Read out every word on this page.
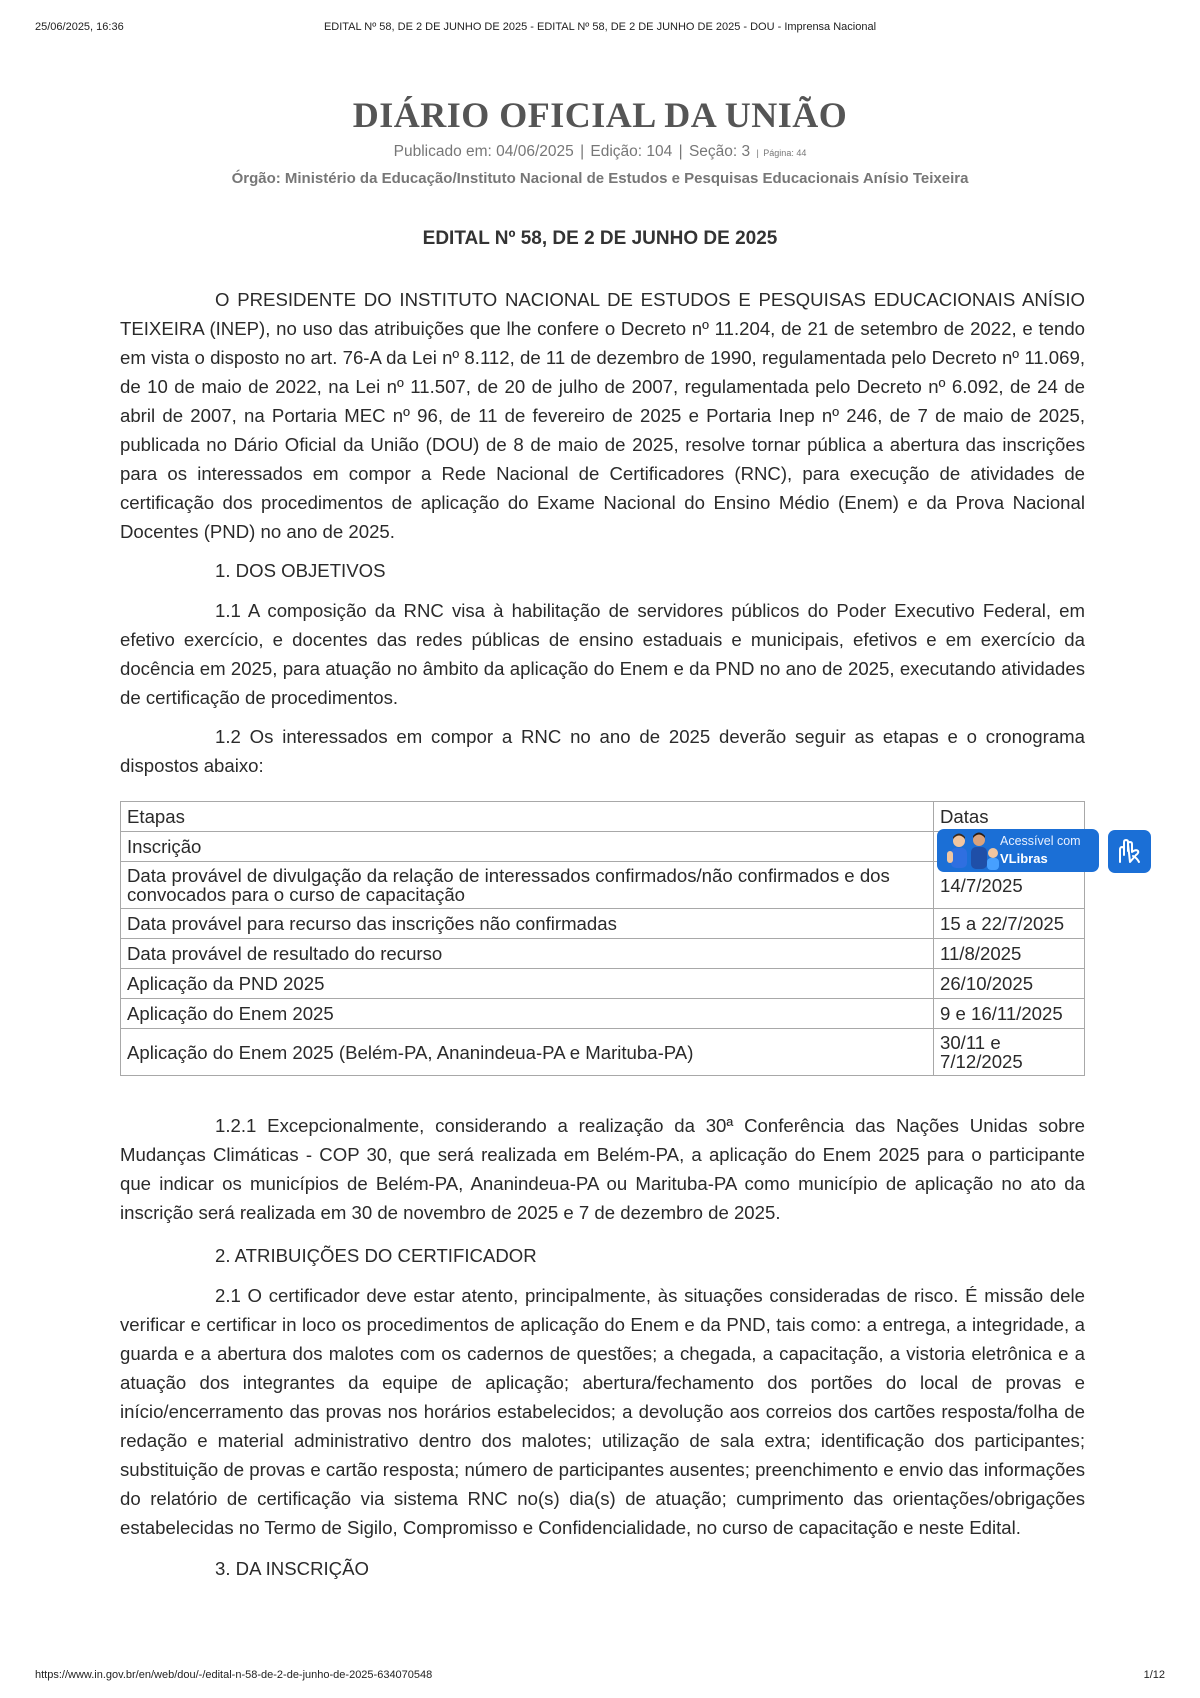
25/06/2025, 16:36	EDITAL Nº 58, DE 2 DE JUNHO DE 2025 - EDITAL Nº 58, DE 2 DE JUNHO DE 2025 - DOU - Imprensa Nacional
DIÁRIO OFICIAL DA UNIÃO
Publicado em: 04/06/2025 | Edição: 104 | Seção: 3 | Página: 44
Órgão: Ministério da Educação/Instituto Nacional de Estudos e Pesquisas Educacionais Anísio Teixeira
EDITAL Nº 58, DE 2 DE JUNHO DE 2025

O PRESIDENTE DO INSTITUTO NACIONAL DE ESTUDOS E PESQUISAS EDUCACIONAIS ANÍSIO TEIXEIRA (INEP), no uso das atribuições que lhe confere o Decreto nº 11.204, de 21 de setembro de 2022, e tendo em vista o disposto no art. 76-A da Lei nº 8.112, de 11 de dezembro de 1990, regulamentada pelo Decreto nº 11.069, de 10 de maio de 2022, na Lei nº 11.507, de 20 de julho de 2007, regulamentada pelo Decreto nº 6.092, de 24 de abril de 2007, na Portaria MEC nº 96, de 11 de fevereiro de 2025 e Portaria Inep nº 246, de 7 de maio de 2025, publicada no Dário Oficial da União (DOU) de 8 de maio de 2025, resolve tornar pública a abertura das inscrições para os interessados em compor a Rede Nacional de Certificadores (RNC), para execução de atividades de certificação dos procedimentos de aplicação do Exame Nacional do Ensino Médio (Enem) e da Prova Nacional Docentes (PND) no ano de 2025.

1. DOS OBJETIVOS

1.1 A composição da RNC visa à habilitação de servidores públicos do Poder Executivo Federal, em efetivo exercício, e docentes das redes públicas de ensino estaduais e municipais, efetivos e em exercício da docência em 2025, para atuação no âmbito da aplicação do Enem e da PND no ano de 2025, executando atividades de certificação de procedimentos.

1.2 Os interessados em compor a RNC no ano de 2025 deverão seguir as etapas e o cronograma dispostos abaixo:

Etapas	Datas
Inscrição	
Data provável de divulgação da relação de interessados confirmados/não confirmados e dos convocados para o curso de capacitação	14/7/2025
Data provável para recurso das inscrições não confirmadas	15 a 22/7/2025
Data provável de resultado do recurso	11/8/2025
Aplicação da PND 2025	26/10/2025
Aplicação do Enem 2025	9 e 16/11/2025
Aplicação do Enem 2025 (Belém-PA, Ananindeua-PA e Marituba-PA)	30/11 e 7/12/2025

1.2.1 Excepcionalmente, considerando a realização da 30ª Conferência das Nações Unidas sobre Mudanças Climáticas - COP 30, que será realizada em Belém-PA, a aplicação do Enem 2025 para o participante que indicar os municípios de Belém-PA, Ananindeua-PA ou Marituba-PA como município de aplicação no ato da inscrição será realizada em 30 de novembro de 2025 e 7 de dezembro de 2025.

2. ATRIBUIÇÕES DO CERTIFICADOR

2.1 O certificador deve estar atento, principalmente, às situações consideradas de risco. É missão dele verificar e certificar in loco os procedimentos de aplicação do Enem e da PND, tais como: a entrega, a integridade, a guarda e a abertura dos malotes com os cadernos de questões; a chegada, a capacitação, a vistoria eletrônica e a atuação dos integrantes da equipe de aplicação; abertura/fechamento dos portões do local de provas e início/encerramento das provas nos horários estabelecidos; a devolução aos correios dos cartões resposta/folha de redação e material administrativo dentro dos malotes; utilização de sala extra; identificação dos participantes; substituição de provas e cartão resposta; número de participantes ausentes; preenchimento e envio das informações do relatório de certificação via sistema RNC no(s) dia(s) de atuação; cumprimento das orientações/obrigações estabelecidas no Termo de Sigilo, Compromisso e Confidencialidade, no curso de capacitação e neste Edital.

3. DA INSCRIÇÃO

Acessível com
VLibras
https://www.in.gov.br/en/web/dou/-/edital-n-58-de-2-de-junho-de-2025-634070548	1/12
